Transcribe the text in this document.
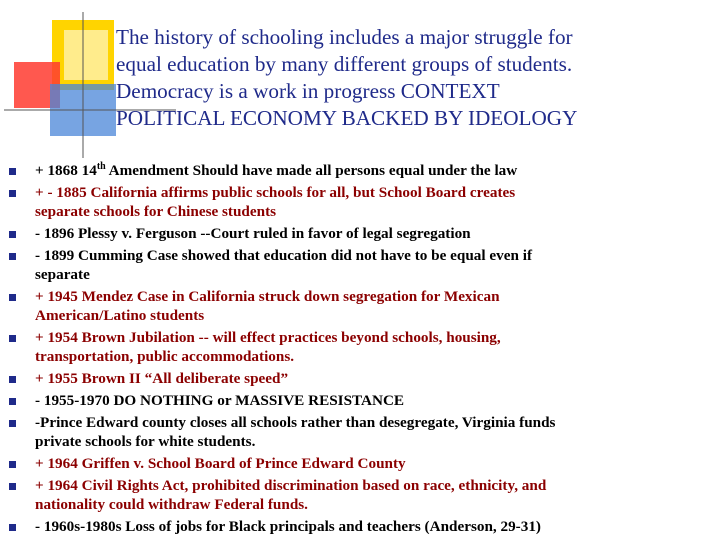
The history of schooling includes a major struggle for
equal education by many different groups of students.
Democracy is a work in progress CONTEXT
POLITICAL ECONOMY BACKED BY IDEOLOGY
+ 1868 14th Amendment Should have made all persons equal under the law
+ - 1885 California affirms public schools for all, but School Board creates
separate schools for Chinese students
- 1896 Plessy v. Ferguson --Court ruled in favor of legal segregation
- 1899 Cumming Case showed that education did not have to be equal even if
separate
+ 1945 Mendez Case in California struck down segregation for Mexican
American/Latino students
+ 1954 Brown Jubilation -- will effect practices beyond schools, housing,
transportation, public accommodations.
+ 1955 Brown II “All deliberate speed”
- 1955-1970 DO NOTHING or MASSIVE RESISTANCE
-Prince Edward county closes all schools rather than desegregate, Virginia funds
private schools for white students.
+ 1964 Griffen v. School Board of Prince Edward County
+ 1964 Civil Rights Act, prohibited discrimination based on race, ethnicity, and
nationality could withdraw Federal funds.
- 1960s-1980s Loss of jobs for Black principals and teachers (Anderson, 29-31)
